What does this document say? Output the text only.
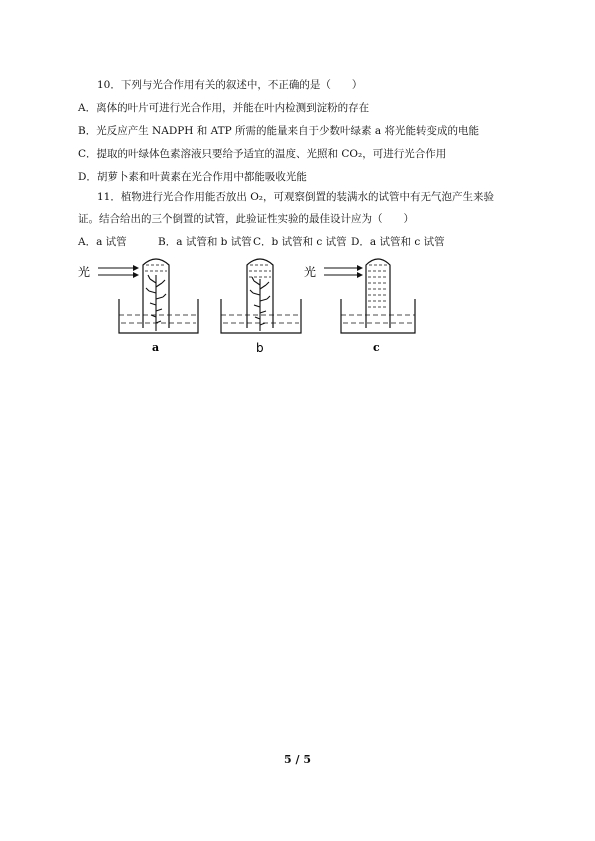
10．下列与光合作用有关的叙述中，不正确的是（　　）
A．离体的叶片可进行光合作用，并能在叶内检测到淀粉的存在
B．光反应产生 NADPH 和 ATP 所需的能量来自于少数叶绿素 a 将光能转变成的电能
C．提取的叶绿体色素溶液只要给予适宜的温度、光照和 CO₂，可进行光合作用
D．胡萝卜素和叶黄素在光合作用中都能吸收光能
11．植物进行光合作用能否放出 O₂，可观察倒置的装满水的试管中有无气泡产生来验
证。结合给出的三个倒置的试管，此验证性实验的最佳设计应为（　　）
A．a 试管	B．a 试管和 b 试管 C．b 试管和 c 试管 D．a 试管和 c 试管
光
a	b
光
c
5 / 5
